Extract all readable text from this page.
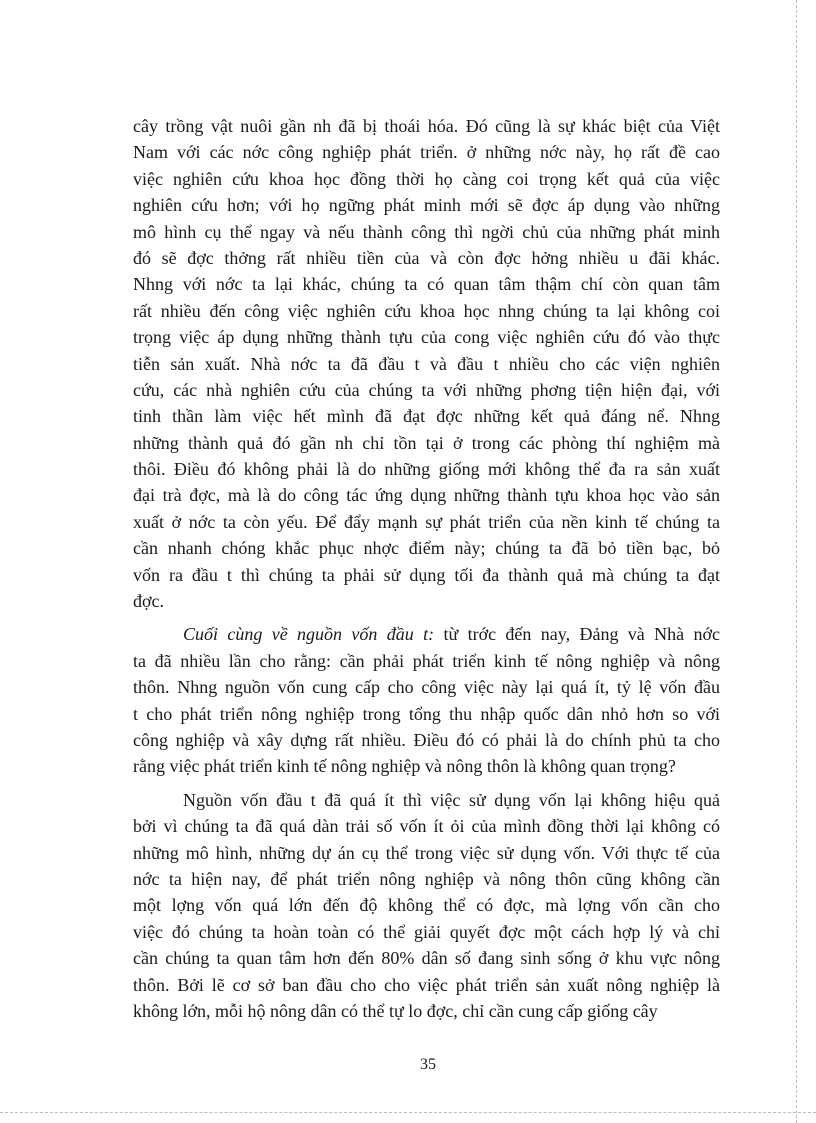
cây trồng vật nuôi gần nh đã bị thoái hóa. Đó cũng là sự khác biệt của Việt
Nam với các nớc công nghiệp phát triển. ở những nớc này, họ rất đề cao
việc nghiên cứu khoa học đồng thời họ càng coi trọng kết quả của việc
nghiên cứu hơn; với họ ngững phát minh mới sẽ đợc áp dụng vào những
mô hình cụ thể ngay và nếu thành công thì ngời chủ của những phát minh
đó sẽ đợc thởng rất nhiều tiền của và còn đợc hởng nhiều u đãi khác.
Nhng với nớc ta lại khác, chúng ta có quan tâm thậm chí còn quan tâm
rất nhiều đến công việc nghiên cứu khoa học nhng chúng ta lại không coi
trọng việc áp dụng những thành tựu của cong việc nghiên cứu đó vào thực
tiễn sản xuất. Nhà nớc ta đã đầu t và đầu t nhiều cho các viện nghiên
cứu, các nhà nghiên cứu của chúng ta với những phơng tiện hiện đại, với
tinh thần làm việc hết mình đã đạt đợc những kết quả đáng nể. Nhng
những thành quả đó gần nh chỉ tồn tại ở trong các phòng thí nghiệm mà
thôi. Điều đó không phải là do những giống mới không thể đa ra sản xuất
đại trà đợc, mà là do công tác ứng dụng những thành tựu khoa học vào sản
xuất ở nớc ta còn yếu. Để đẩy mạnh sự phát triển của nền kinh tế chúng ta
cần nhanh chóng khắc phục nhợc điểm này; chúng ta đã bỏ tiền bạc, bỏ
vốn ra đầu t thì chúng ta phải sử dụng tối đa thành quả mà chúng ta đạt
đợc.
Cuối cùng về nguồn vốn đầu t: từ trớc đến nay, Đảng và Nhà nớc
ta đã nhiều lần cho rằng: cần phải phát triển kinh tế nông nghiệp và nông
thôn. Nhng nguồn vốn cung cấp cho công việc này lại quá ít, tỷ lệ vốn đầu
t cho phát triển nông nghiệp trong tổng thu nhập quốc dân nhỏ hơn so với
công nghiệp và xây dựng rất nhiều. Điều đó có phải là do chính phủ ta cho
rằng việc phát triển kinh tế nông nghiệp và nông thôn là không quan trọng?
Nguồn vốn đầu t đã quá ít thì việc sử dụng vốn lại không hiệu quả
bởi vì chúng ta đã quá dàn trải số vốn ít ỏi của mình đồng thời lại không có
những mô hình, những dự án cụ thể trong việc sử dụng vốn. Với thực tế của
nớc ta hiện nay, để phát triển nông nghiệp và nông thôn cũng không cần
một lợng vốn quá lớn đến độ không thể có đợc, mà lợng vốn cần cho
việc đó chúng ta hoàn toàn có thể giải quyết đợc một cách hợp lý và chỉ
cần chúng ta quan tâm hơn đến 80% dân số đang sinh sống ở khu vực nông
thôn. Bởi lẽ cơ sở ban đầu cho cho việc phát triển sản xuất nông nghiệp là
không lớn, mỗi hộ nông dân có thể tự lo đợc, chỉ cần cung cấp giống cây
35
